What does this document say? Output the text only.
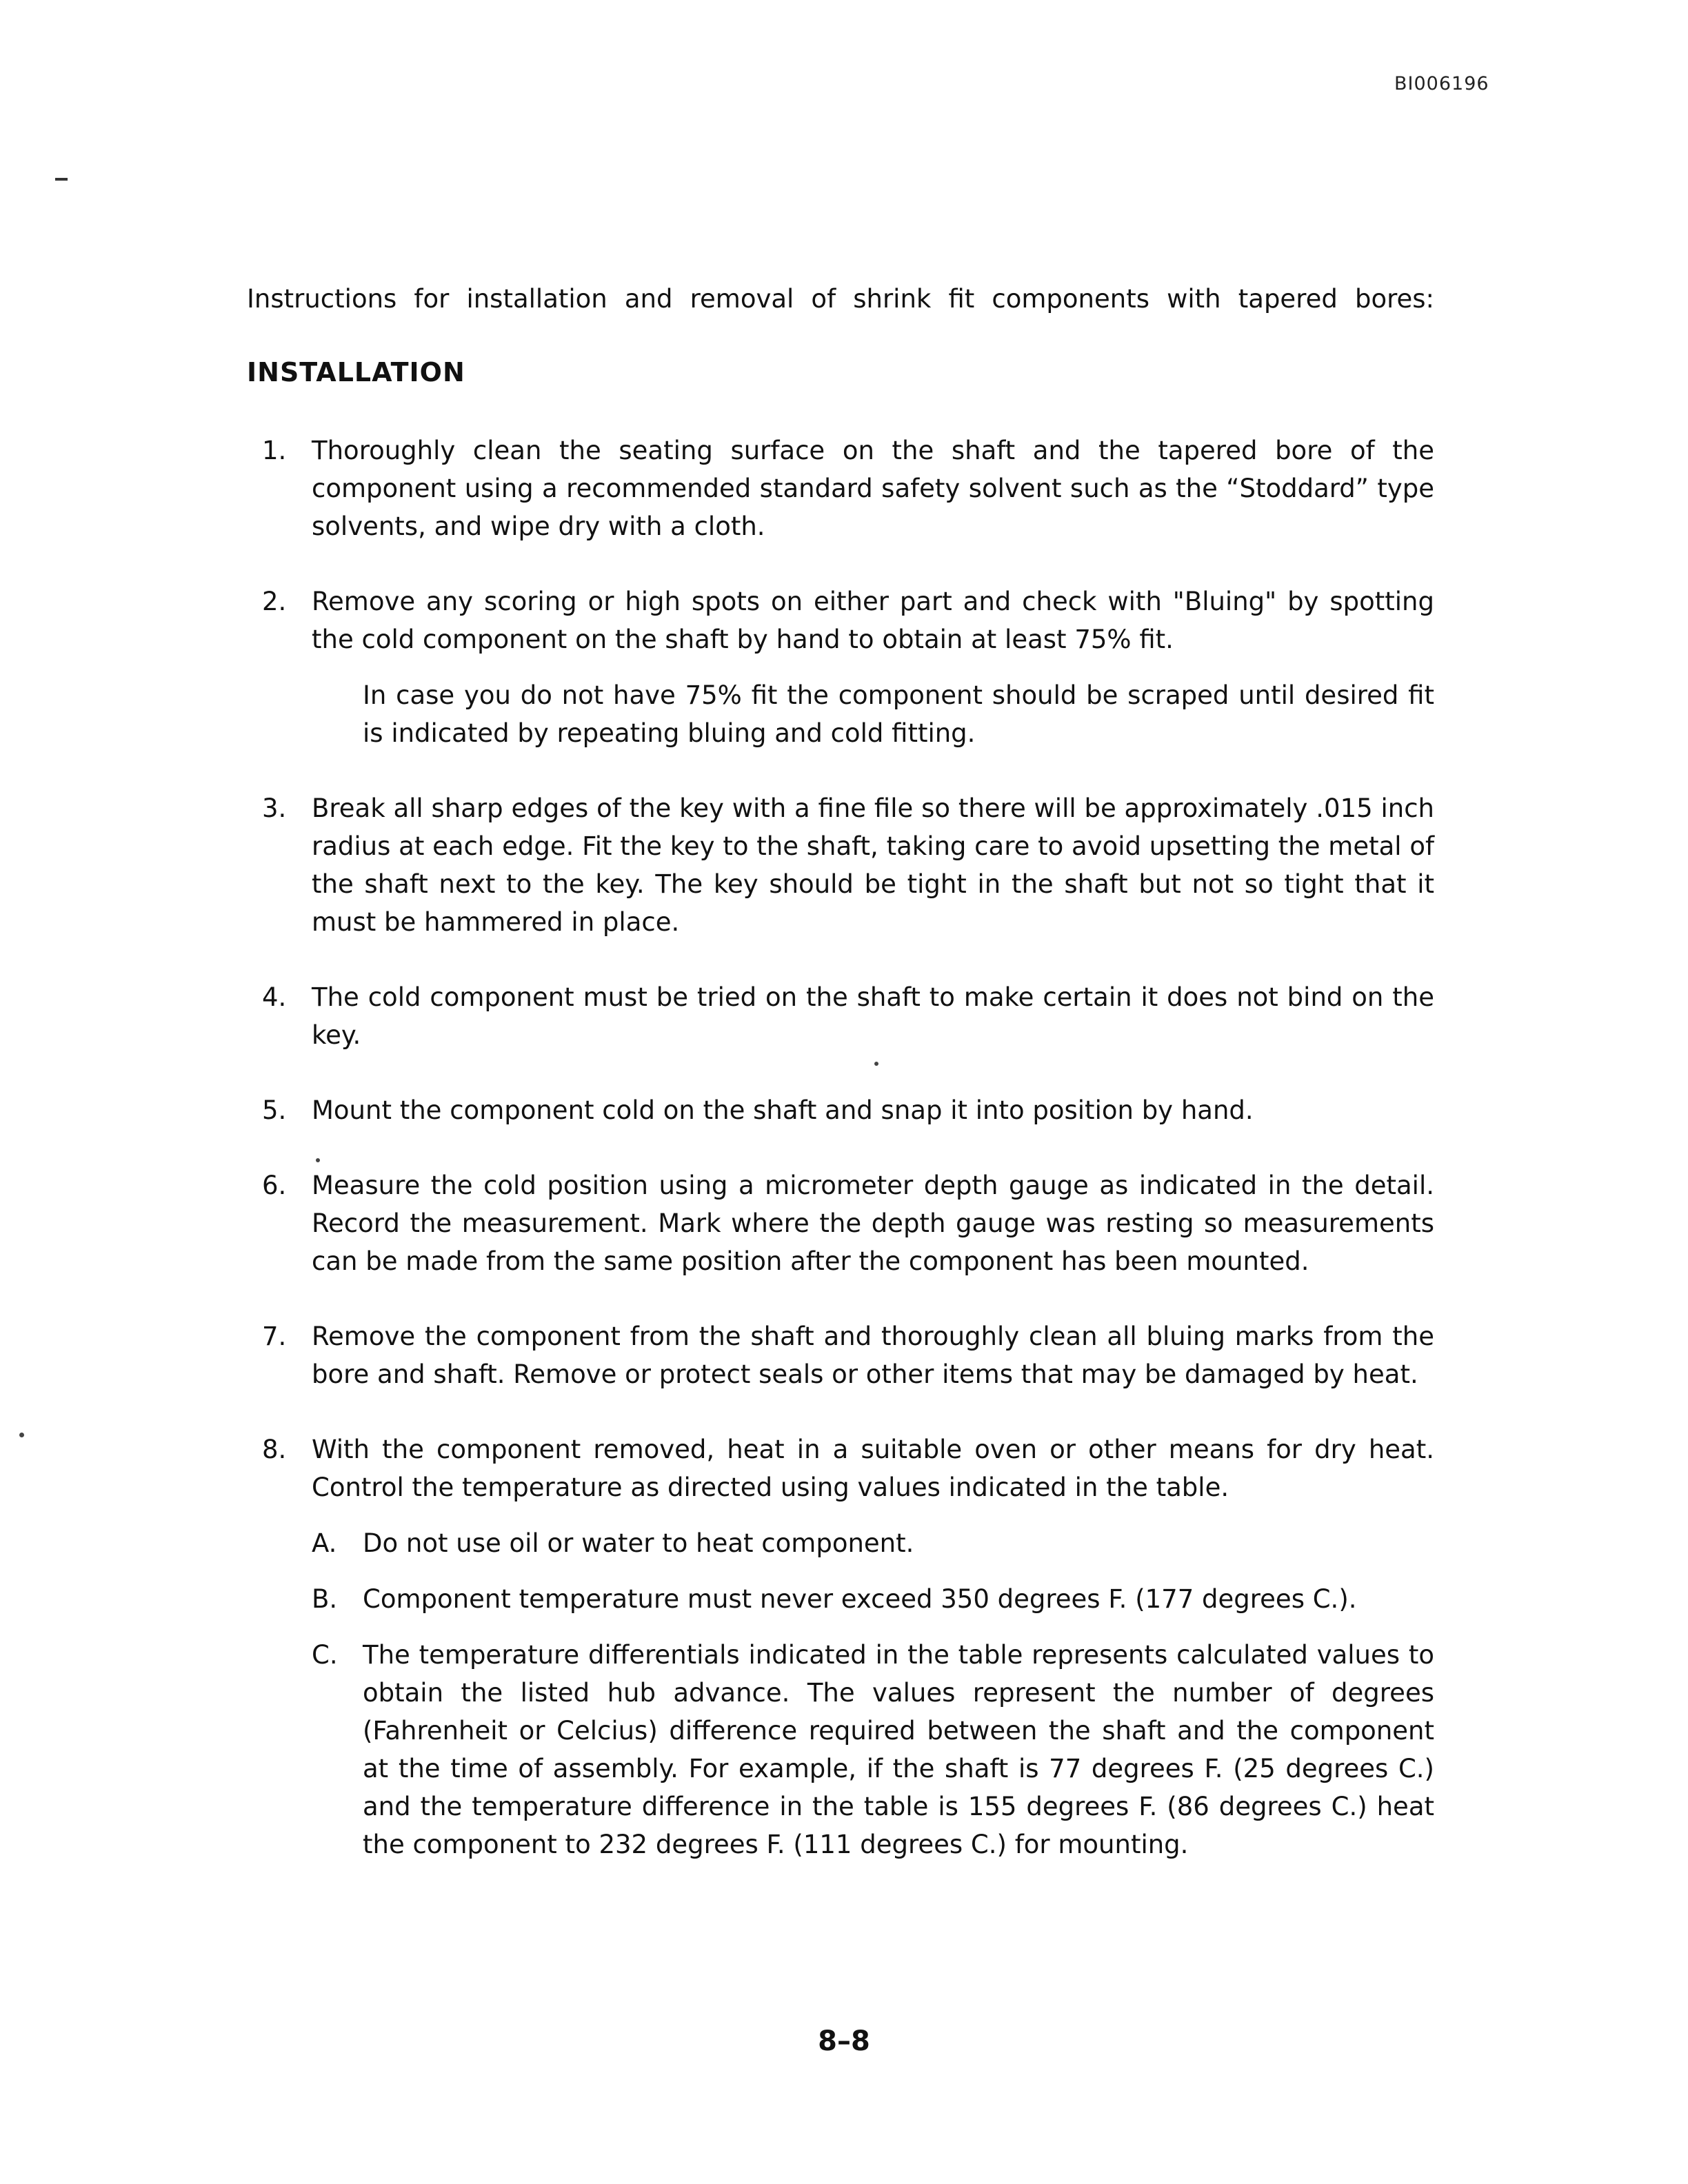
BI006196
Instructions for installation and removal of shrink fit components with tapered bores:
INSTALLATION
1. Thoroughly clean the seating surface on the shaft and the tapered bore of the component using a recommended standard safety solvent such as the “Stoddard” type solvents, and wipe dry with a cloth.
2. Remove any scoring or high spots on either part and check with "Bluing" by spotting the cold component on the shaft by hand to obtain at least 75% fit.
In case you do not have 75% fit the component should be scraped until desired fit is indicated by repeating bluing and cold fitting.
3. Break all sharp edges of the key with a fine file so there will be approximately .015 inch radius at each edge. Fit the key to the shaft, taking care to avoid upsetting the metal of the shaft next to the key. The key should be tight in the shaft but not so tight that it must be hammered in place.
4. The cold component must be tried on the shaft to make certain it does not bind on the key.
5. Mount the component cold on the shaft and snap it into position by hand.
6. Measure the cold position using a micrometer depth gauge as indicated in the detail. Record the measurement. Mark where the depth gauge was resting so measurements can be made from the same position after the component has been mounted.
7. Remove the component from the shaft and thoroughly clean all bluing marks from the bore and shaft. Remove or protect seals or other items that may be damaged by heat.
8. With the component removed, heat in a suitable oven or other means for dry heat. Control the temperature as directed using values indicated in the table.
A. Do not use oil or water to heat component.
B. Component temperature must never exceed 350 degrees F. (177 degrees C.).
C. The temperature differentials indicated in the table represents calculated values to obtain the listed hub advance. The values represent the number of degrees (Fahrenheit or Celcius) difference required between the shaft and the component at the time of assembly. For example, if the shaft is 77 degrees F. (25 degrees C.) and the temperature difference in the table is 155 degrees F. (86 degrees C.) heat the component to 232 degrees F. (111 degrees C.) for mounting.
8–8
